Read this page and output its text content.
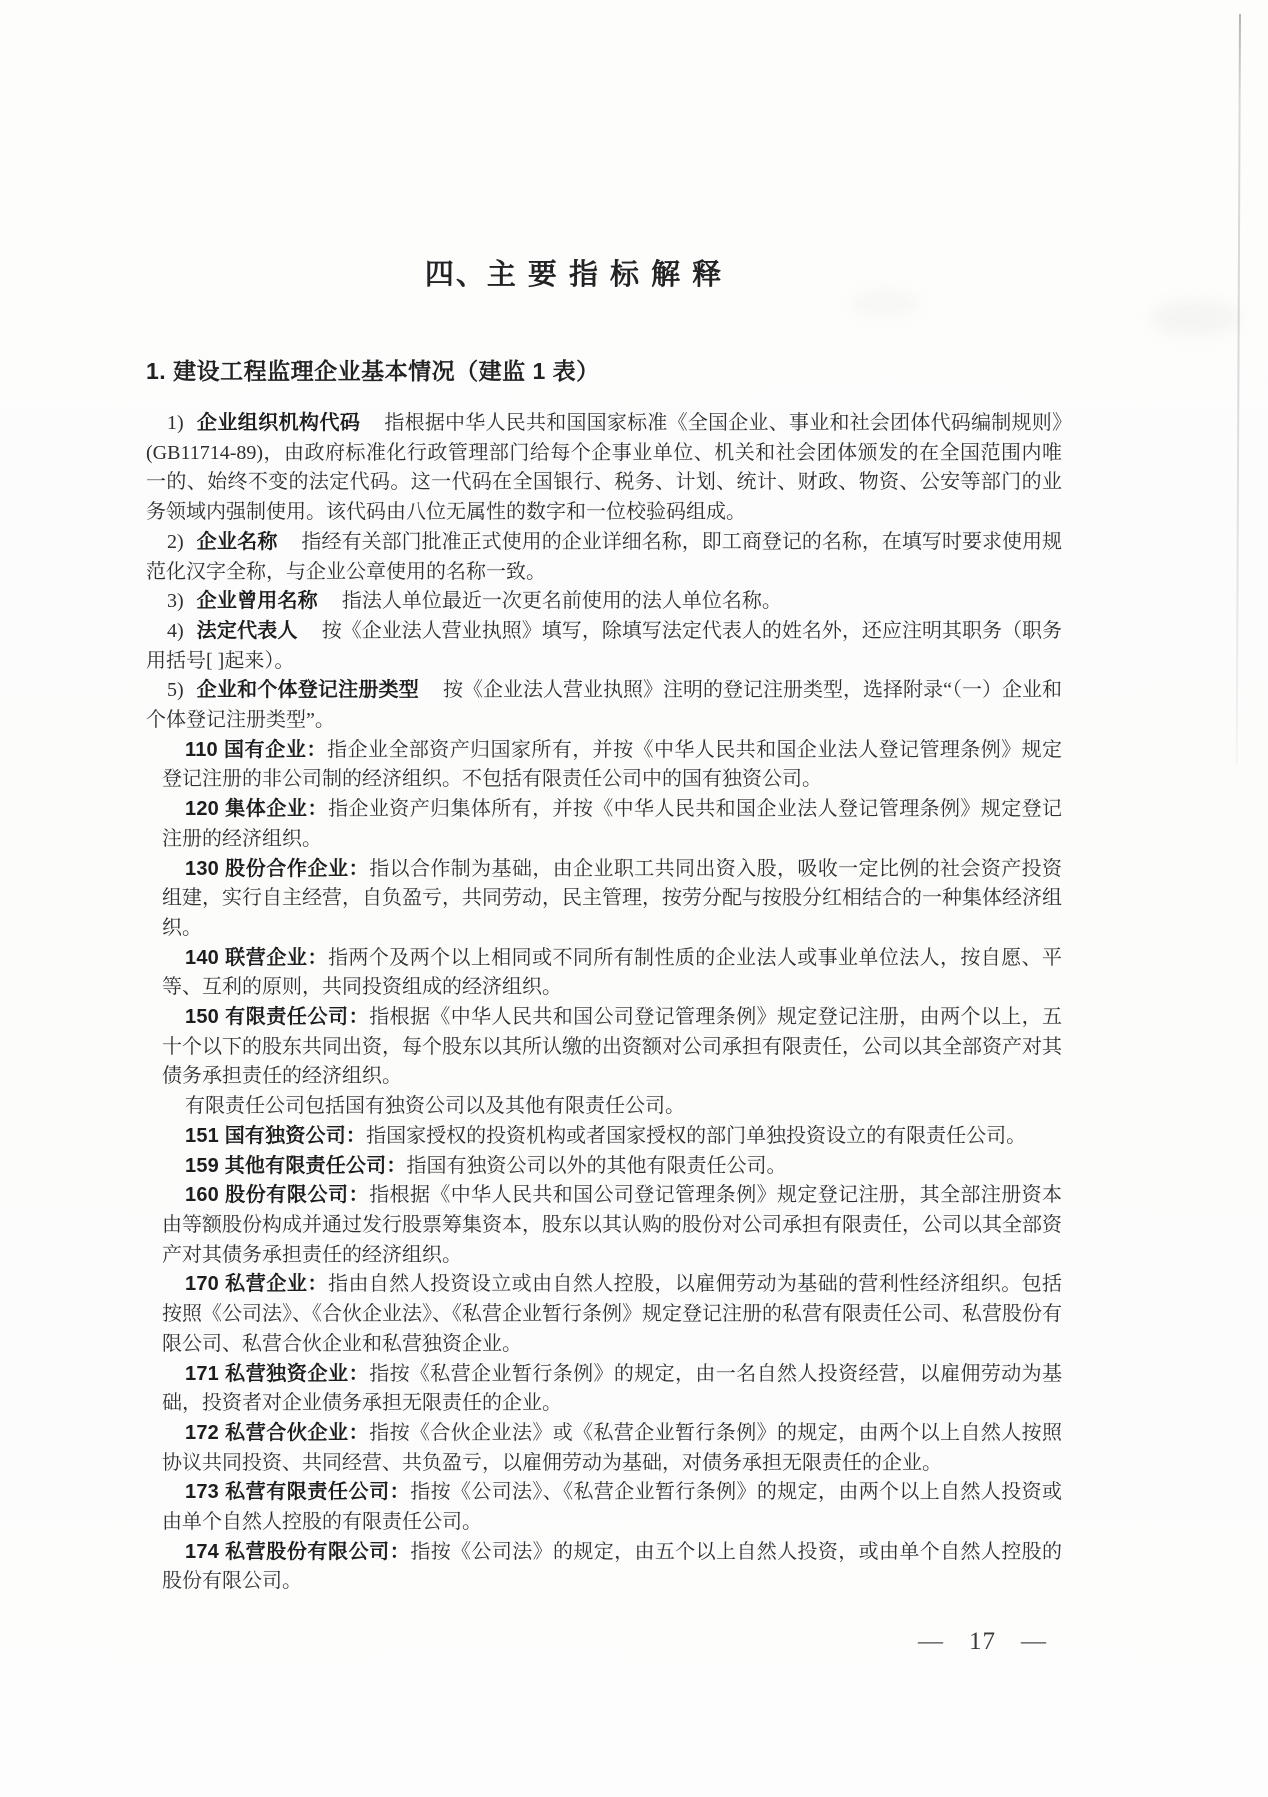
四、主 要 指 标 解 释
1. 建设工程监理企业基本情况（建监 1 表）

1) 企业组织机构代码 指根据中华人民共和国国家标准《全国企业、事业和社会团体代码编制规则》(GB11714-89)，由政府标准化行政管理部门给每个企事业单位、机关和社会团体颁发的在全国范围内唯一的、始终不变的法定代码。这一代码在全国银行、税务、计划、统计、财政、物资、公安等部门的业务领域内强制使用。该代码由八位无属性的数字和一位校验码组成。

2) 企业名称 指经有关部门批准正式使用的企业详细名称，即工商登记的名称，在填写时要求使用规范化汉字全称，与企业公章使用的名称一致。

3) 企业曾用名称 指法人单位最近一次更名前使用的法人单位名称。

4) 法定代表人 按《企业法人营业执照》填写，除填写法定代表人的姓名外，还应注明其职务（职务用括号[ ]起来）。

5) 企业和个体登记注册类型 按《企业法人营业执照》注明的登记注册类型，选择附录“（一）企业和个体登记注册类型”。

110 国有企业：指企业全部资产归国家所有，并按《中华人民共和国企业法人登记管理条例》规定登记注册的非公司制的经济组织。不包括有限责任公司中的国有独资公司。

120 集体企业：指企业资产归集体所有，并按《中华人民共和国企业法人登记管理条例》规定登记注册的经济组织。

130 股份合作企业：指以合作制为基础，由企业职工共同出资入股，吸收一定比例的社会资产投资组建，实行自主经营，自负盈亏，共同劳动，民主管理，按劳分配与按股分红相结合的一种集体经济组织。

140 联营企业：指两个及两个以上相同或不同所有制性质的企业法人或事业单位法人，按自愿、平等、互利的原则，共同投资组成的经济组织。

150 有限责任公司：指根据《中华人民共和国公司登记管理条例》规定登记注册，由两个以上，五十个以下的股东共同出资，每个股东以其所认缴的出资额对公司承担有限责任，公司以其全部资产对其债务承担责任的经济组织。

有限责任公司包括国有独资公司以及其他有限责任公司。

151 国有独资公司：指国家授权的投资机构或者国家授权的部门单独投资设立的有限责任公司。

159 其他有限责任公司：指国有独资公司以外的其他有限责任公司。

160 股份有限公司：指根据《中华人民共和国公司登记管理条例》规定登记注册，其全部注册资本由等额股份构成并通过发行股票筹集资本，股东以其认购的股份对公司承担有限责任，公司以其全部资产对其债务承担责任的经济组织。

170 私营企业：指由自然人投资设立或由自然人控股，以雇佣劳动为基础的营利性经济组织。包括按照《公司法》、《合伙企业法》、《私营企业暂行条例》规定登记注册的私营有限责任公司、私营股份有限公司、私营合伙企业和私营独资企业。

171 私营独资企业：指按《私营企业暂行条例》的规定，由一名自然人投资经营，以雇佣劳动为基础，投资者对企业债务承担无限责任的企业。

172 私营合伙企业：指按《合伙企业法》或《私营企业暂行条例》的规定，由两个以上自然人按照协议共同投资、共同经营、共负盈亏，以雇佣劳动为基础，对债务承担无限责任的企业。

173 私营有限责任公司：指按《公司法》、《私营企业暂行条例》的规定，由两个以上自然人投资或由单个自然人控股的有限责任公司。

174 私营股份有限公司：指按《公司法》的规定，由五个以上自然人投资，或由单个自然人控股的股份有限公司。

— 17 —
